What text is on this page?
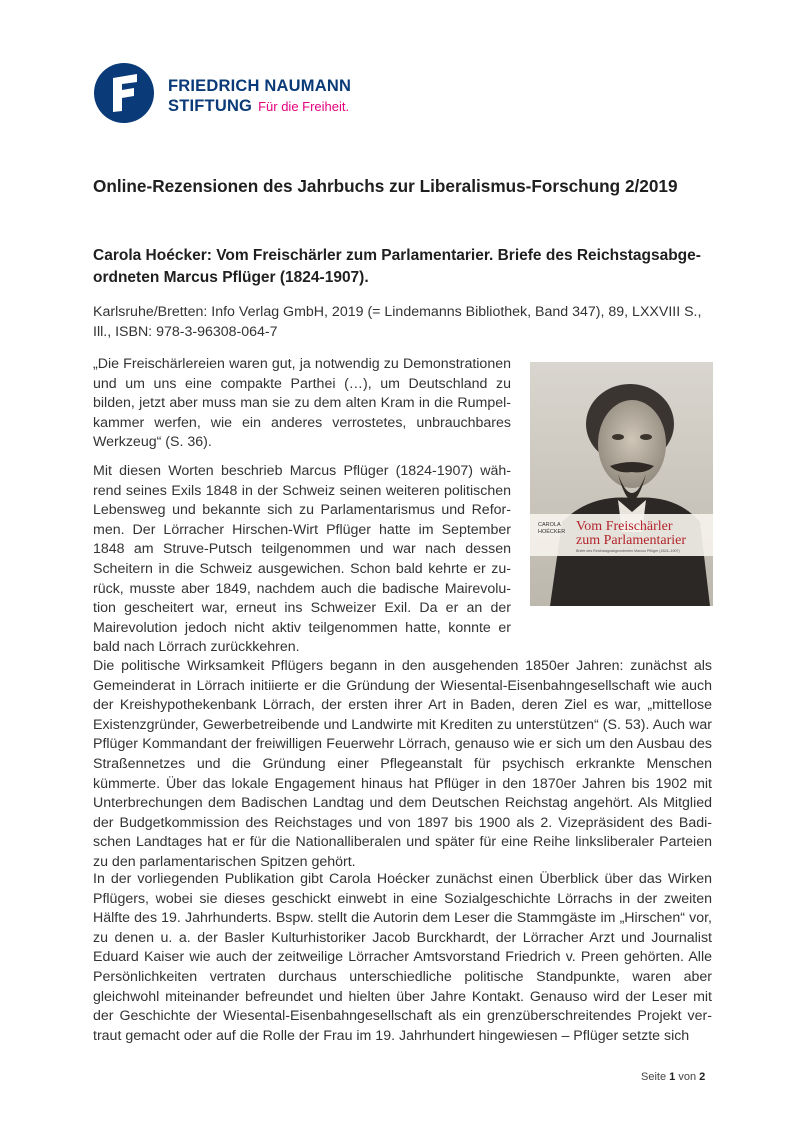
FRIEDRICH NAUMANN
STIFTUNG Für die Freiheit.
Online-Rezensionen des Jahrbuchs zur Liberalismus-Forschung 2/2019
Carola Hoécker: Vom Freischärler zum Parlamentarier. Briefe des Reichstagsabgeordneten Marcus Pflüger (1824-1907).

Karlsruhe/Bretten: Info Verlag GmbH, 2019 (= Lindemanns Bibliothek, Band 347), 89, LXXVIII S., Ill., ISBN: 978-3-96308-064-7

„Die Freischärlereien waren gut, ja notwendig zu Demonstrationen und um uns eine compakte Parthei (…), um Deutschland zu bilden, jetzt aber muss man sie zu dem alten Kram in die Rumpelkammer werfen, wie ein anderes verrostetes, unbrauchbares Werkzeug“ (S. 36).

Mit diesen Worten beschrieb Marcus Pflüger (1824-1907) während seines Exils 1848 in der Schweiz seinen weiteren politischen Lebensweg und bekannte sich zu Parlamentarismus und Reformen. Der Lörracher Hirschen-Wirt Pflüger hatte im September 1848 am Struve-Putsch teilgenommen und war nach dessen Scheitern in die Schweiz ausgewichen. Schon bald kehrte er zurück, musste aber 1849, nachdem auch die badische Mairevolution gescheitert war, erneut ins Schweizer Exil. Da er an der Mairevolution jedoch nicht aktiv teilgenommen hatte, konnte er bald nach Lörrach zurückkehren.

CAROLA
HOÉCKER Vom Freischärler
zum Parlamentarier
Briefe des Reichstagsabgeordneten Marcus Pflüger (1824–1907)

Die politische Wirksamkeit Pflügers begann in den ausgehenden 1850er Jahren: zunächst als Gemeinderat in Lörrach initiierte er die Gründung der Wiesental-Eisenbahngesellschaft wie auch der Kreishypothekenbank Lörrach, der ersten ihrer Art in Baden, deren Ziel es war, „mittellose Existenzgründer, Gewerbetreibende und Landwirte mit Krediten zu unterstützen“ (S. 53). Auch war Pflüger Kommandant der freiwilligen Feuerwehr Lörrach, genauso wie er sich um den Ausbau des Straßennetzes und die Gründung einer Pflegeanstalt für psychisch erkrankte Menschen kümmerte. Über das lokale Engagement hinaus hat Pflüger in den 1870er Jahren bis 1902 mit Unterbrechungen dem Badischen Landtag und dem Deutschen Reichstag angehört. Als Mitglied der Budgetkommission des Reichstages und von 1897 bis 1900 als 2. Vizepräsident des Badischen Landtages hat er für die Nationalliberalen und später für eine Reihe linksliberaler Parteien zu den parlamentarischen Spitzen gehört.

In der vorliegenden Publikation gibt Carola Hoécker zunächst einen Überblick über das Wirken Pflügers, wobei sie dieses geschickt einwebt in eine Sozialgeschichte Lörrachs in der zweiten Hälfte des 19. Jahrhunderts. Bspw. stellt die Autorin dem Leser die Stammgäste im „Hirschen“ vor, zu denen u. a. der Basler Kulturhistoriker Jacob Burckhardt, der Lörracher Arzt und Journalist Eduard Kaiser wie auch der zeitweilige Lörracher Amtsvorstand Friedrich v. Preen gehörten. Alle Persönlichkeiten vertraten durchaus unterschiedliche politische Standpunkte, waren aber gleichwohl miteinander befreundet und hielten über Jahre Kontakt. Genauso wird der Leser mit der Geschichte der Wiesental-Eisenbahngesellschaft als ein grenzüberschreitendes Projekt vertraut gemacht oder auf die Rolle der Frau im 19. Jahrhundert hingewiesen – Pflüger setzte sich

Seite 1 von 2
